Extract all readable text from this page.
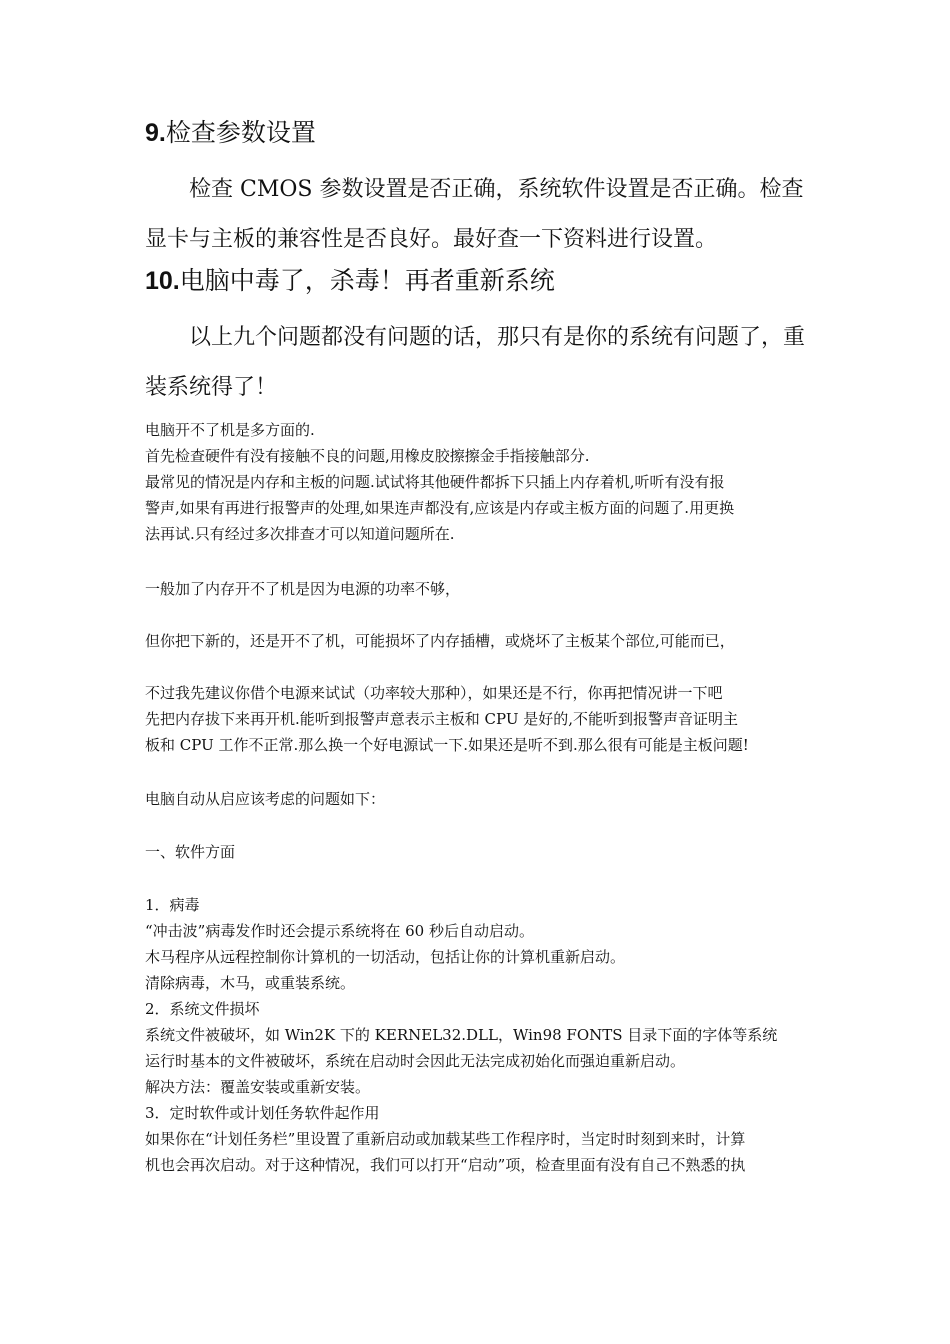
9.检查参数设置
检查 CMOS 参数设置是否正确，系统软件设置是否正确。检查
显卡与主板的兼容性是否良好。最好查一下资料进行设置。
10.电脑中毒了，杀毒！再者重新系统
以上九个问题都没有问题的话，那只有是你的系统有问题了，重
装系统得了！
电脑开不了机是多方面的.
首先检查硬件有没有接触不良的问题,用橡皮胶擦擦金手指接触部分.
最常见的情况是内存和主板的问题.试试将其他硬件都拆下只插上内存着机,听听有没有报
警声,如果有再进行报警声的处理,如果连声都没有,应该是内存或主板方面的问题了.用更换
法再试.只有经过多次排查才可以知道问题所在.
一般加了内存开不了机是因为电源的功率不够，
但你把下新的，还是开不了机，可能损坏了内存插槽，或烧坏了主板某个部位,可能而已，
不过我先建议你借个电源来试试（功率较大那种），如果还是不行，你再把情况讲一下吧
先把内存拔下来再开机.能听到报警声意表示主板和 CPU 是好的,不能听到报警声音证明主
板和 CPU 工作不正常.那么换一个好电源试一下.如果还是听不到.那么很有可能是主板问题!
电脑自动从启应该考虑的问题如下：
一、软件方面
1．病毒
“冲击波”病毒发作时还会提示系统将在 60 秒后自动启动。
木马程序从远程控制你计算机的一切活动，包括让你的计算机重新启动。
清除病毒，木马，或重装系统。
2．系统文件损坏
系统文件被破坏，如 Win2K 下的 KERNEL32.DLL，Win98 FONTS 目录下面的字体等系统
运行时基本的文件被破坏，系统在启动时会因此无法完成初始化而强迫重新启动。
解决方法：覆盖安装或重新安装。
3．定时软件或计划任务软件起作用
如果你在“计划任务栏”里设置了重新启动或加载某些工作程序时，当定时时刻到来时，计算
机也会再次启动。对于这种情况，我们可以打开“启动”项，检查里面有没有自己不熟悉的执
